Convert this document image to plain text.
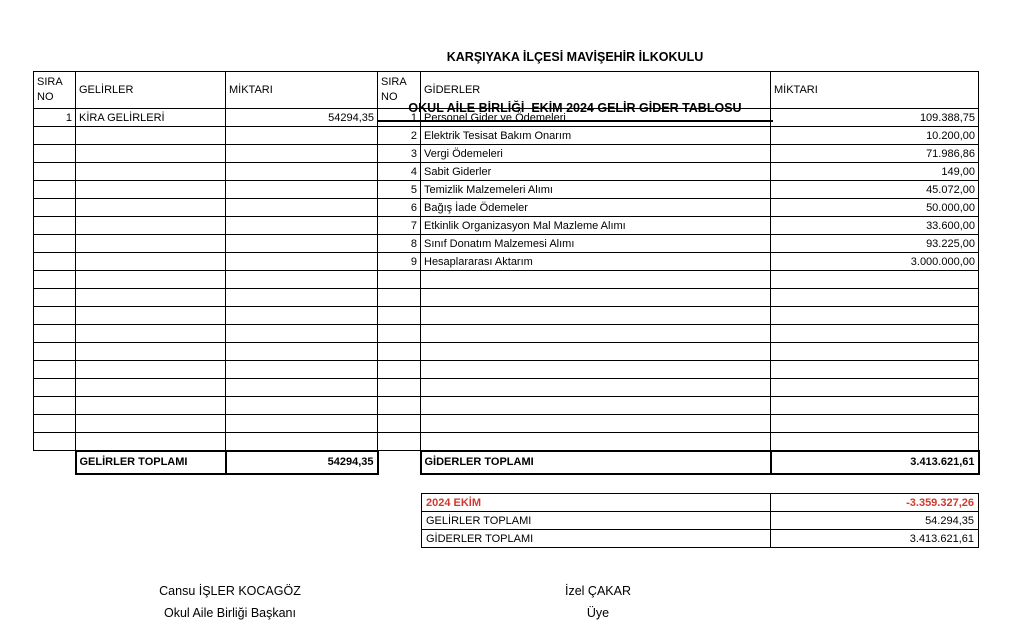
KARŞIYAKA İLÇESİ MAVİŞEHİR İLKOKULU

OKUL AİLE BİRLİĞİ  EKİM 2024 GELİR GİDER TABLOSU

SIRA NO	GELİRLER	MİKTARI	SIRA NO	GİDERLER	MİKTARI
1	KİRA GELİRLERİ	54294,35	1	Personel Gider ve Ödemeleri	109.388,75
			2	Elektrik Tesisat Bakım Onarım	10.200,00
			3	Vergi Ödemeleri	71.986,86
			4	Sabit Giderler	149,00
			5	Temizlik Malzemeleri Alımı	45.072,00
			6	Bağış İade Ödemeler	50.000,00
			7	Etkinlik Organizasyon Mal Mazleme Alımı	33.600,00
			8	Sınıf Donatım Malzemesi Alımı	93.225,00
			9	Hesaplararası Aktarım	3.000.000,00

	GELİRLER TOPLAMI	54294,35		GİDERLER TOPLAMI	3.413.621,61
2024 EKİM	-3.359.327,26
GELİRLER TOPLAMI	54.294,35
GİDERLER TOPLAMI	3.413.621,61
Cansu İŞLER KOCAGÖZ
Okul Aile Birliği Başkanı
İzel ÇAKAR
Üye
